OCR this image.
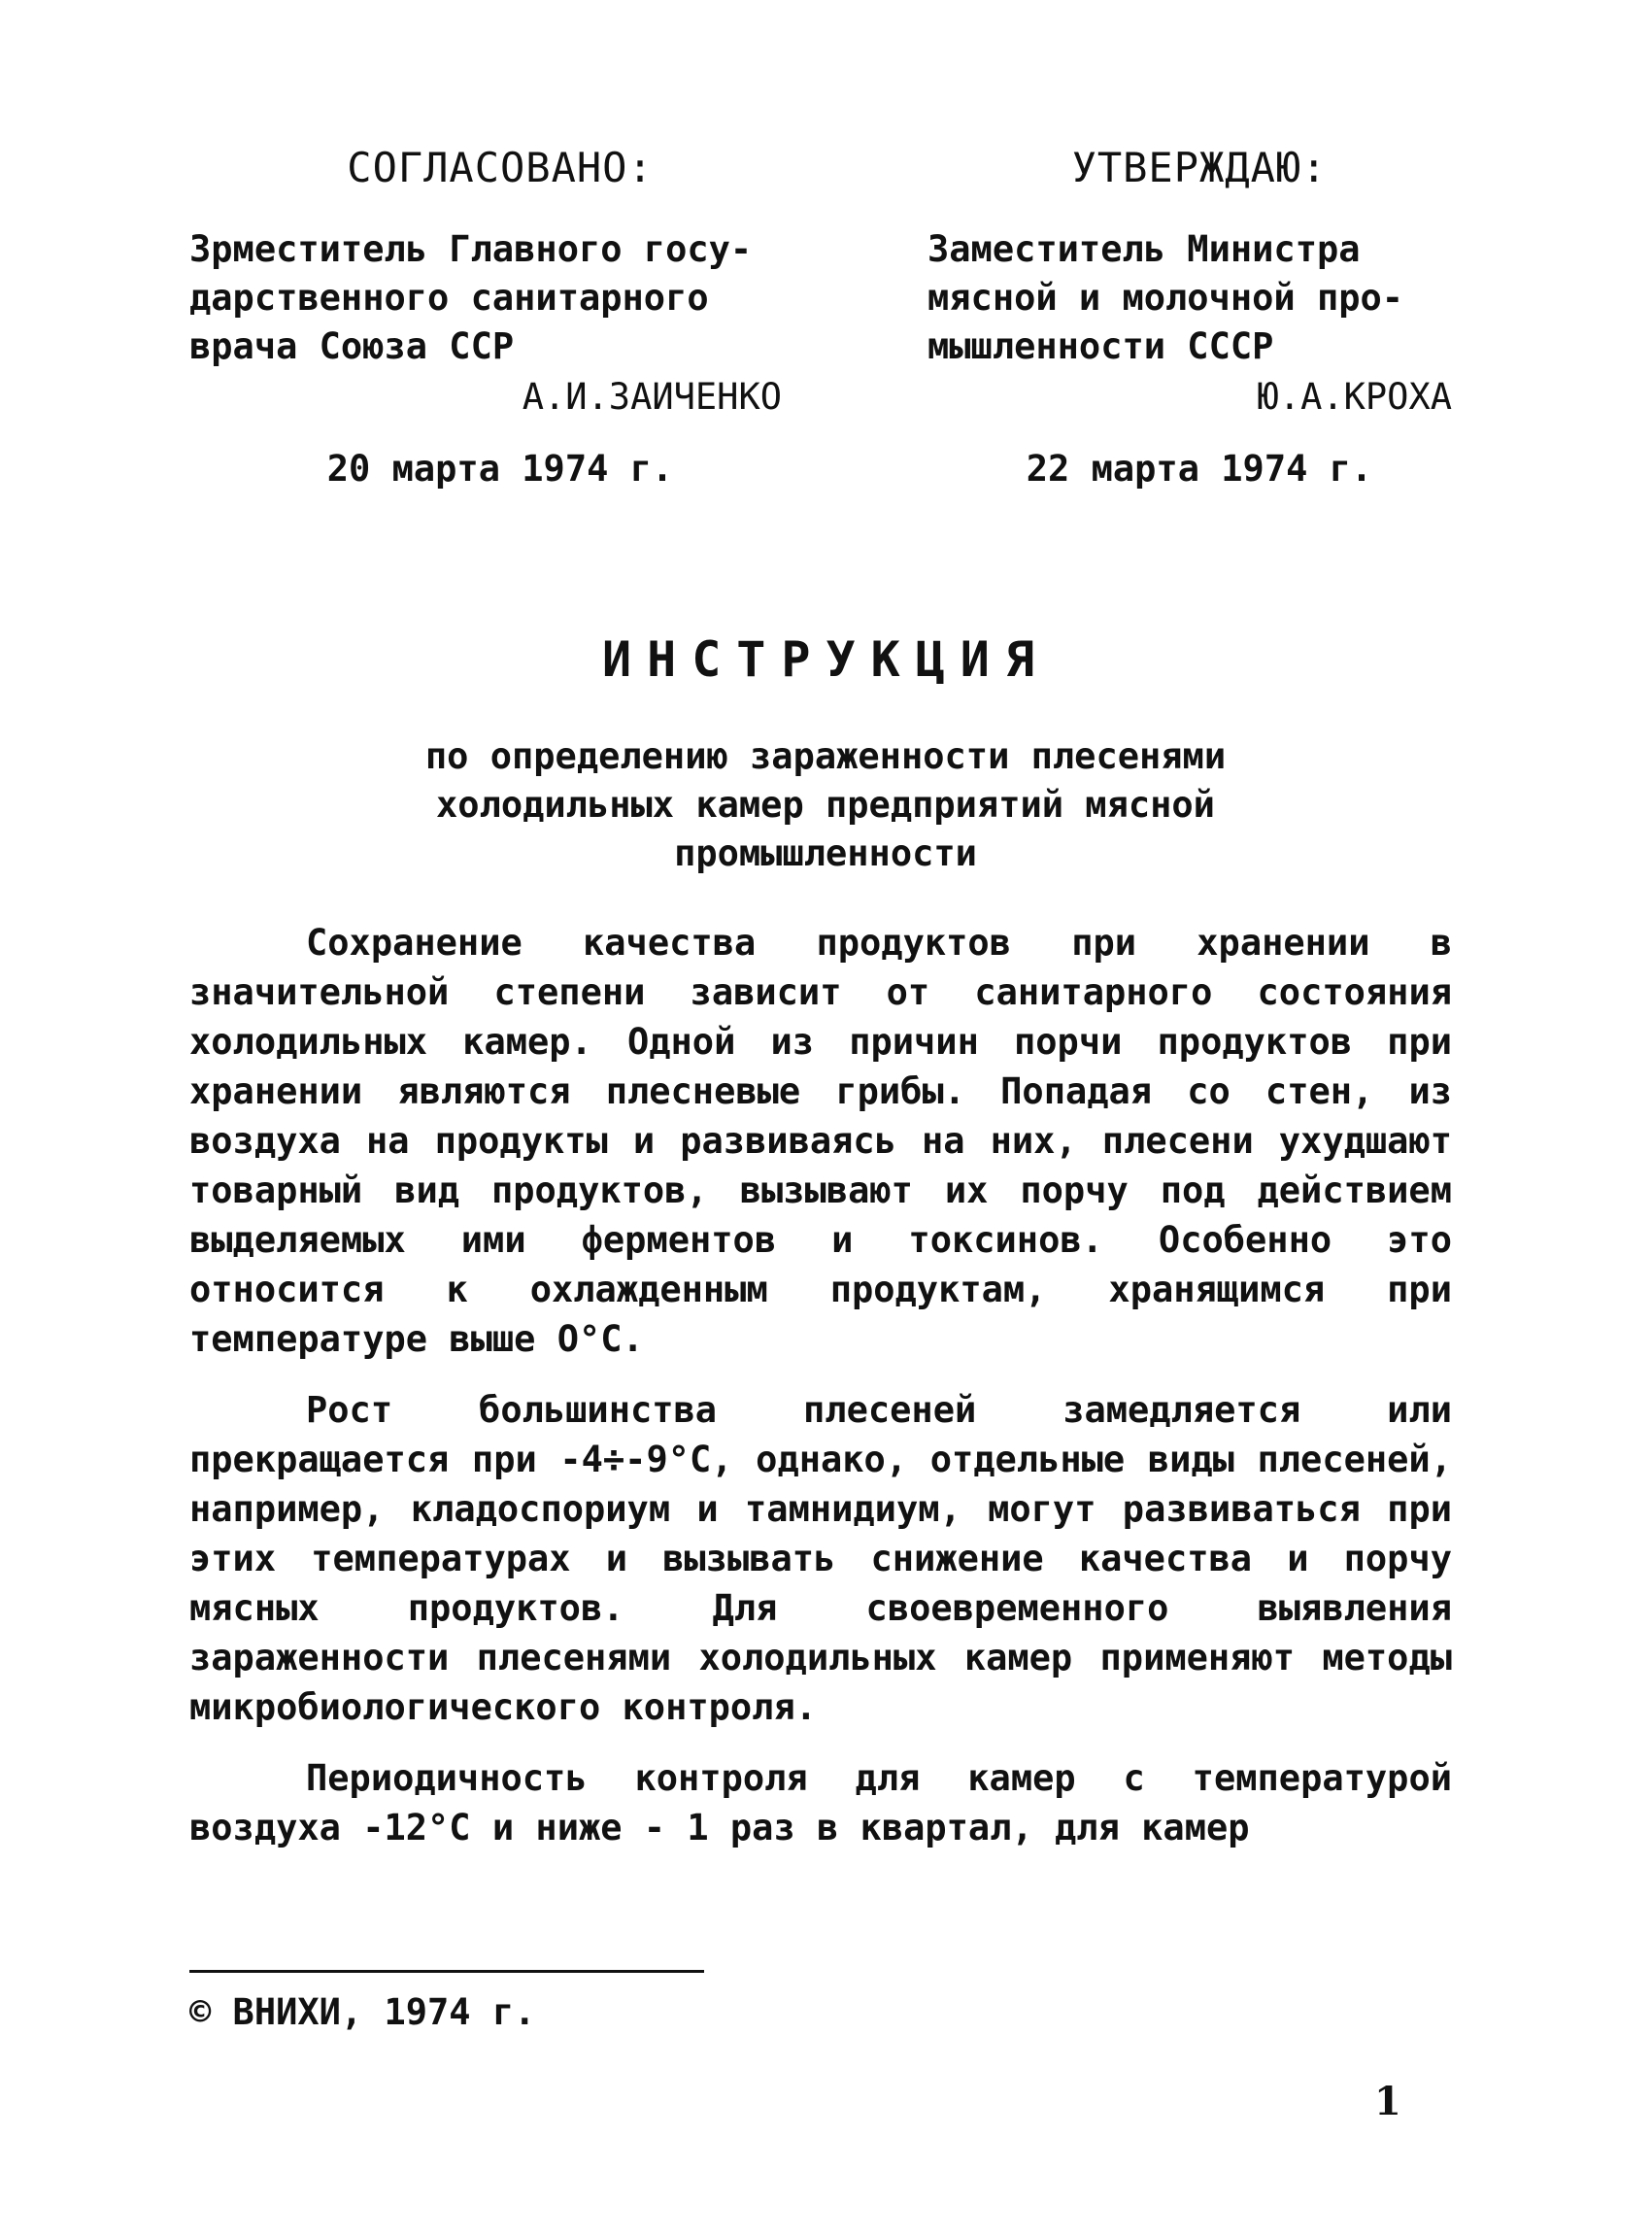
СОГЛАСОВАНО:
Зрместитель Главного госу-
дарственного санитарного
врача Союза ССР
А.И.ЗАИЧЕНКО
20 марта 1974 г.
УТВЕРЖДАЮ:
Заместитель Министра
мясной и молочной про-
мышленности СССР
Ю.А.КРОХА
22 марта 1974 г.
ИНСТРУКЦИЯ
по определению зараженности плесенями
холодильных камер предприятий мясной
промышленности

Сохранение качества продуктов при хранении в значительной степени зависит от санитарного состояния холодильных камер. Одной из причин порчи продуктов при хранении являются плесневые грибы. Попадая со стен, из воздуха на продукты и развиваясь на них, плесени ухудшают товарный вид продуктов, вызывают их порчу под действием выделяемых ими ферментов и токсинов. Особенно это относится к охлажденным продуктам, хранящимся при температуре выше О°С.

Рост большинства плесеней замедляется или прекращается при -4÷-9°С, однако, отдельные виды плесеней, например, кладоспориум и тамнидиум, могут развиваться при этих температурах и вызывать снижение качества и порчу мясных продуктов. Для своевременного выявления зараженности плесенями холодильных камер применяют методы микробиологического контроля.

Периодичность контроля для камер с температурой воздуха -12°С и ниже - 1 раз в квартал, для камер

© ВНИХИ, 1974 г.
1
